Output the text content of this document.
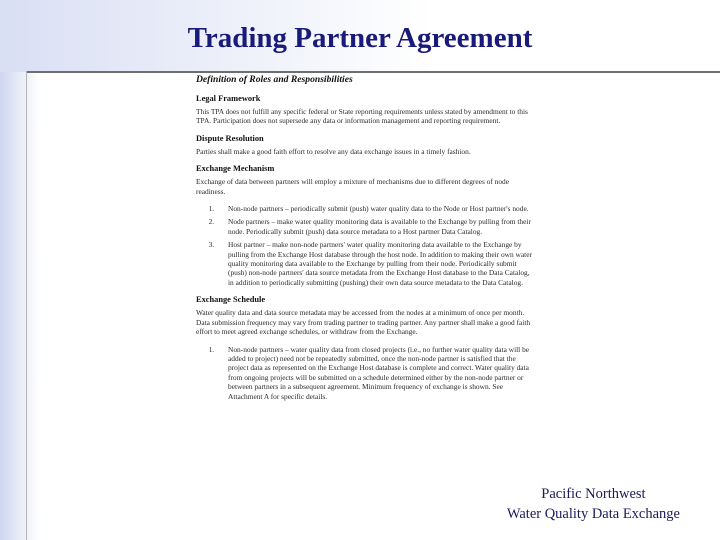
Trading Partner Agreement

Definition of Roles and Responsibilities

Legal Framework

This TPA does not fulfill any specific federal or State reporting requirements unless stated by amendment to this TPA. Participation does not supersede any data or information management and reporting requirement.

Dispute Resolution

Parties shall make a good faith effort to resolve any data exchange issues in a timely fashion.

Exchange Mechanism

Exchange of data between partners will employ a mixture of mechanisms due to different degrees of node readiness.

1. Non-node partners – periodically submit (push) water quality data to the Node or Host partner's node.
2. Node partners – make water quality monitoring data is available to the Exchange by pulling from their node. Periodically submit (push) data source metadata to a Host partner Data Catalog.
3. Host partner – make non-node partners' water quality monitoring data available to the Exchange by pulling from the Exchange Host database through the host node. In addition to making their own water quality monitoring data available to the Exchange by pulling from their node. Periodically submit (push) non-node partners' data source metadata from the Exchange Host database to the Data Catalog, in addition to periodically submitting (pushing) their own data source metadata to the Data Catalog.

Exchange Schedule

Water quality data and data source metadata may be accessed from the nodes at a minimum of once per month. Data submission frequency may vary from trading partner to trading partner. Any partner shall make a good faith effort to meet agreed exchange schedules, or withdraw from the Exchange.

1. Non-node partners – water quality data from closed projects (i.e., no further water quality data will be added to project) need not be repeatedly submitted, once the non-node partner is satisfied that the project data as represented on the Exchange Host database is complete and correct. Water quality data from ongoing projects will be submitted on a schedule determined either by the non-node partner or between partners in a subsequent agreement. Minimum frequency of exchange is shown. See Attachment A for specific details.
Pacific Northwest
Water Quality Data Exchange
